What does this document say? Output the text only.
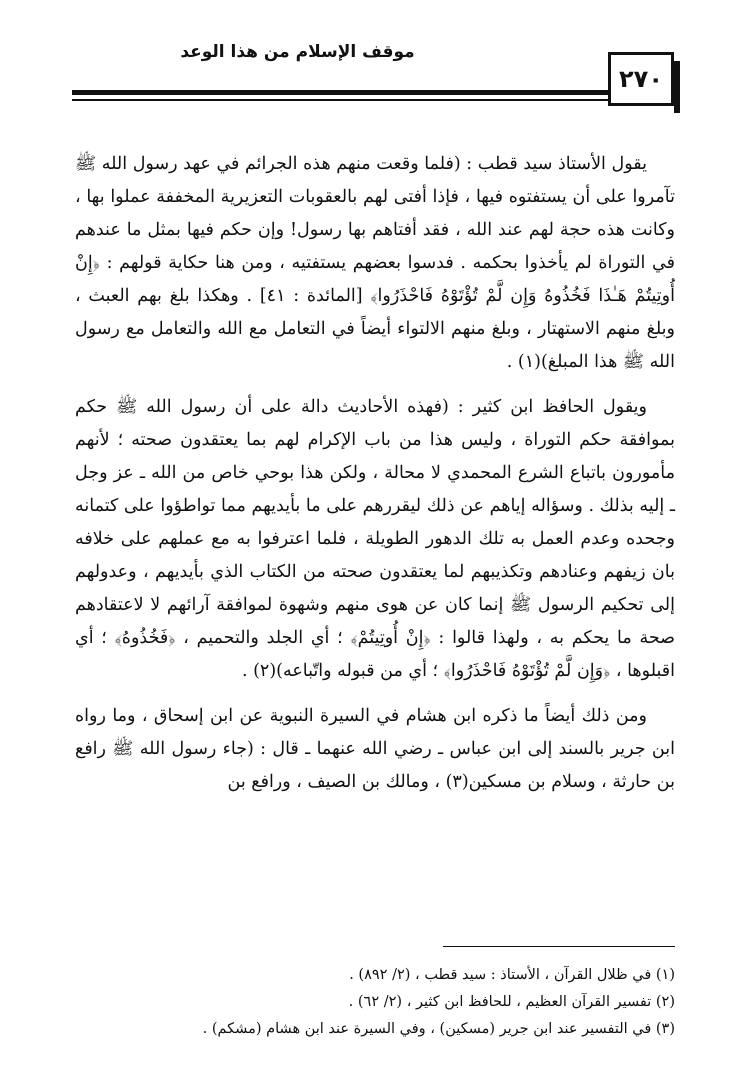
موقف الإسلام من هذا الوعد
٢٧٠

يقول الأستاذ سيد قطب : (فلما وقعت منهم هذه الجرائم في عهد رسول الله ﷺ تآمروا على أن يستفتوه فيها ، فإذا أفتى لهم بالعقوبات التعزيرية المخففة عملوا بها ، وكانت هذه حجة لهم عند الله ، فقد أفتاهم بها رسول! وإن حكم فيها بمثل ما عندهم في التوراة لم يأخذوا بحكمه . فدسوا بعضهم يستفتيه ، ومن هنا حكاية قولهم : ﴿إِنْ أُوتِيتُمْ هَـٰذَا فَخُذُوهُ وَإِن لَّمْ تُؤْتَوْهُ فَاحْذَرُوا﴾ [المائدة : ٤١] . وهكذا بلغ بهم العبث ، وبلغ منهم الاستهتار ، وبلغ منهم الالتواء أيضاً في التعامل مع الله والتعامل مع رسول الله ﷺ هذا المبلغ)(١) .

ويقول الحافظ ابن كثير : (فهذه الأحاديث دالة على أن رسول الله ﷺ حكم بموافقة حكم التوراة ، وليس هذا من باب الإكرام لهم بما يعتقدون صحته ؛ لأنهم مأمورون باتباع الشرع المحمدي لا محالة ، ولكن هذا بوحي خاص من الله ـ عز وجل ـ إليه بذلك . وسؤاله إياهم عن ذلك ليقررهم على ما بأيديهم مما تواطؤوا على كتمانه وجحده وعدم العمل به تلك الدهور الطويلة ، فلما اعترفوا به مع عملهم على خلافه بان زيفهم وعنادهم وتكذيبهم لما يعتقدون صحته من الكتاب الذي بأيديهم ، وعدولهم إلى تحكيم الرسول ﷺ إنما كان عن هوى منهم وشهوة لموافقة آرائهم لا لاعتقادهم صحة ما يحكم به ، ولهذا قالوا : ﴿إِنْ أُوتِيتُمْ﴾ ؛ أي الجلد والتحميم ، ﴿فَخُذُوهُ﴾ ؛ أي اقبلوها ، ﴿وَإِن لَّمْ تُؤْتَوْهُ فَاحْذَرُوا﴾ ؛ أي من قبوله واتّباعه)(٢) .

ومن ذلك أيضاً ما ذكره ابن هشام في السيرة النبوية عن ابن إسحاق ، وما رواه ابن جرير بالسند إلى ابن عباس ـ رضي الله عنهما ـ قال : (جاء رسول الله ﷺ رافع بن حارثة ، وسلام بن مسكين(٣) ، ومالك بن الصيف ، ورافع بن

(١) في ظلال القرآن ، الأستاذ : سيد قطب ، (٢/ ٨٩٢) .
(٢) تفسير القرآن العظيم ، للحافظ ابن كثير ، (٢/ ٦٢) .
(٣) في التفسير عند ابن جرير (مسكين) ، وفي السيرة عند ابن هشام (مشكم) .
